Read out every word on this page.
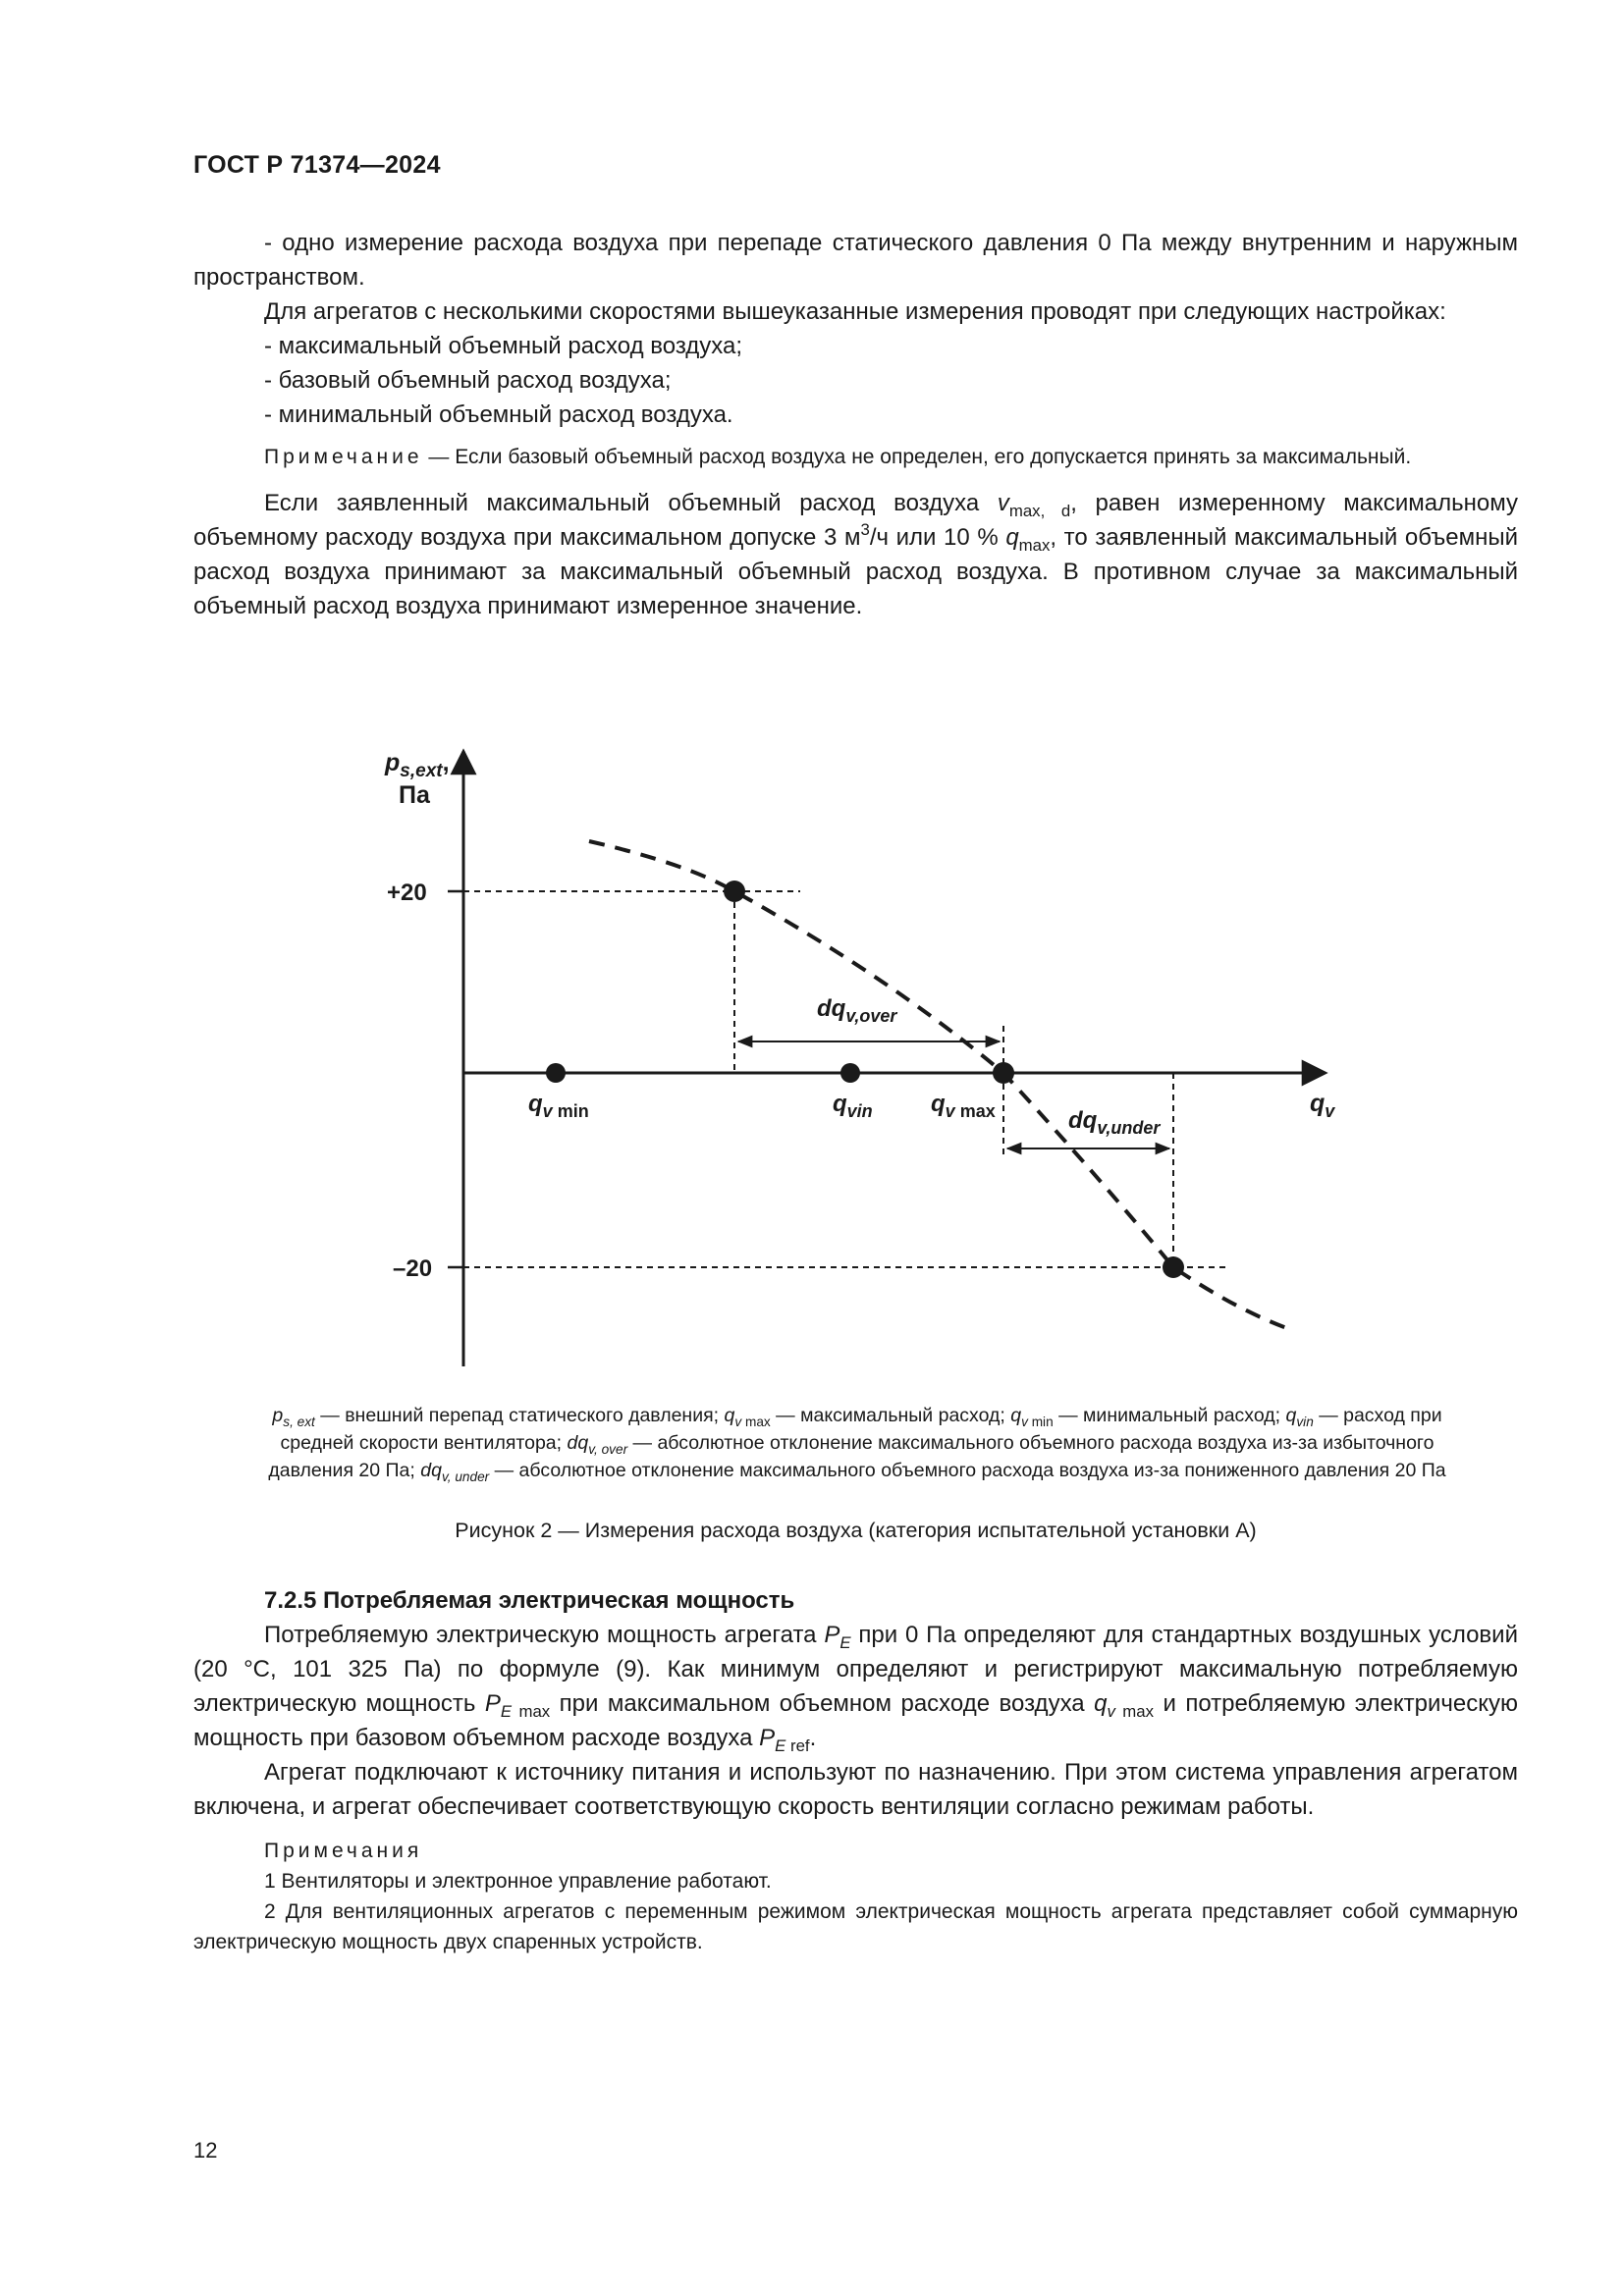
ГОСТ Р 71374—2024

- одно измерение расхода воздуха при перепаде статического давления 0 Па между внутренним и наружным пространством.

Для агрегатов с несколькими скоростями вышеуказанные измерения проводят при следующих настройках:

- максимальный объемный расход воздуха;

- базовый объемный расход воздуха;

- минимальный объемный расход воздуха.

Примечание — Если базовый объемный расход воздуха не определен, его допускается принять за максимальный.

Если заявленный максимальный объемный расход воздуха $v_{max, d}$, равен измеренному максимальному объемному расходу воздуха при максимальном допуске 3 $м^3/ч$ или 10 % $q_{max}$, то заявленный максимальный объемный расход воздуха принимают за максимальный объемный расход воздуха. В противном случае за максимальный объемный расход воздуха принимают измеренное значение.

$p_{s,ext}$,
Па
+20
–20
$q_v$
$q_v$ min	$q_{vin}$ $q_v$ max
$dq_{v,over}$
$dq_{v,under}$
$p_{s, ext}$ — внешний перепад статического давления; $q_{v max}$ — максимальный расход; $q_{v min}$ — минимальный расход; $q_{vin}$ — расход при средней скорости вентилятора; $dq_{v, over}$ — абсолютное отклонение максимального объемного расхода воздуха из-за избыточного давления 20 Па; $dq_{v, under}$ — абсолютное отклонение максимального объемного расхода воздуха из-за пониженного давления 20 Па
Рисунок 2 — Измерения расхода воздуха (категория испытательной установки А)

7.2.5 Потребляемая электрическая мощность

Потребляемую электрическую мощность агрегата $P_E$ при 0 Па определяют для стандартных воздушных условий (20 °С, 101 325 Па) по формуле (9). Как минимум определяют и регистрируют максимальную потребляемую электрическую мощность $P_{E max}$ при максимальном объемном расходе воздуха $q_{v max}$ и потребляемую электрическую мощность при базовом объемном расходе воздуха $P_{E ref}$.

Агрегат подключают к источнику питания и используют по назначению. При этом система управления агрегатом включена, и агрегат обеспечивает соответствующую скорость вентиляции согласно режимам работы.

Примечания

1 Вентиляторы и электронное управление работают.

2 Для вентиляционных агрегатов с переменным режимом электрическая мощность агрегата представляет собой суммарную электрическую мощность двух спаренных устройств.

12
